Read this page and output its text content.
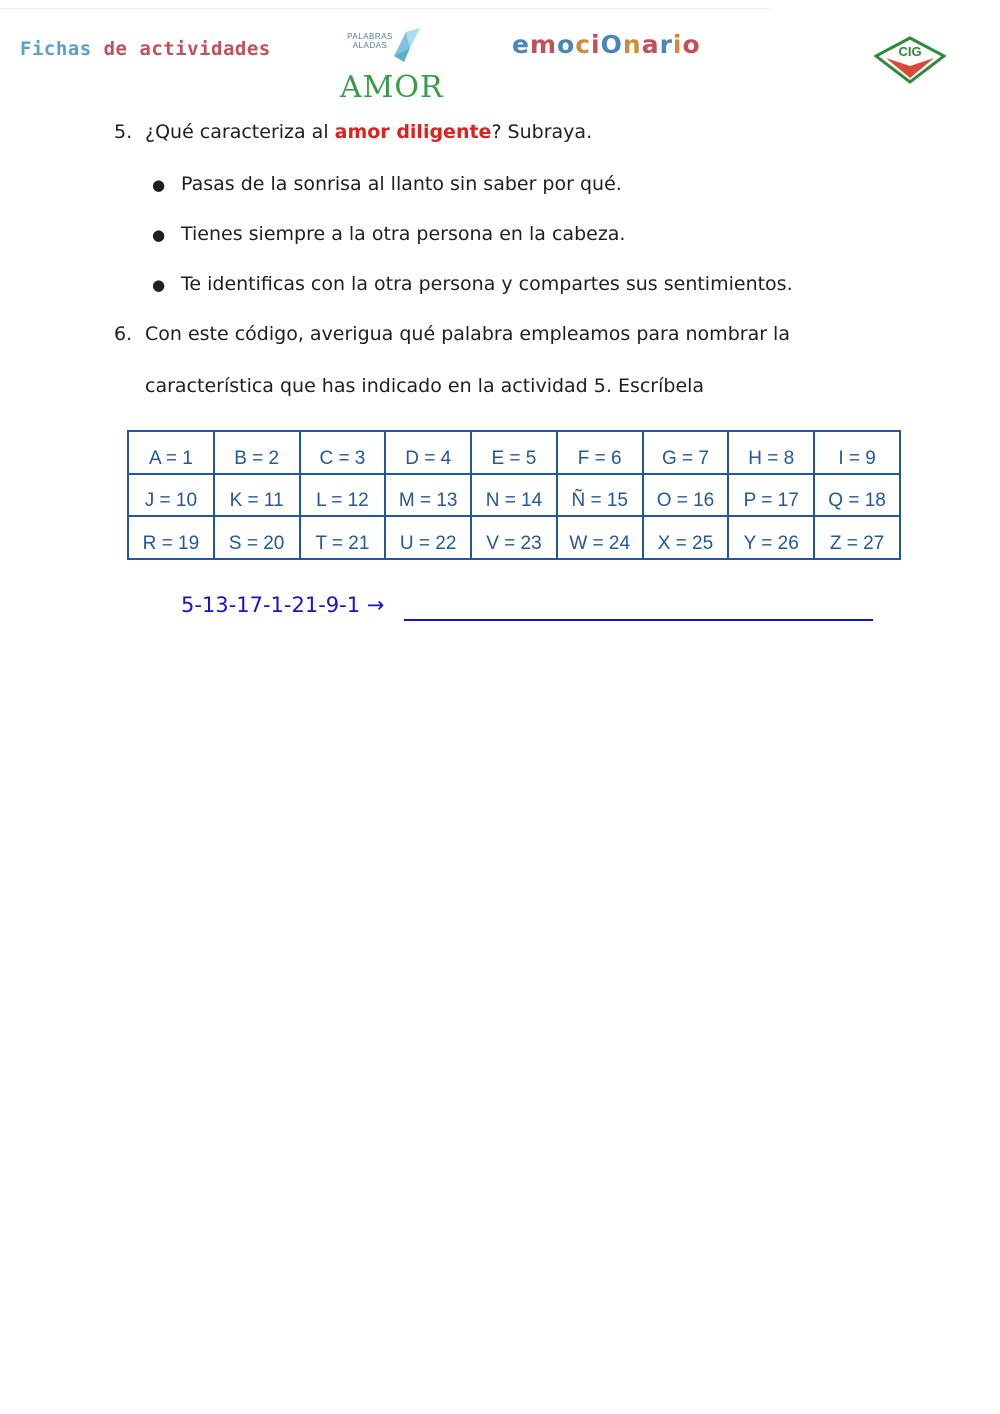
Fichas de actividades
PALABRAS
ALADAS
AMOR
emociOnario	CIG
5. ¿Qué caracteriza al amor diligente? Subraya.
● Pasas de la sonrisa al llanto sin saber por qué.
● Tienes siempre a la otra persona en la cabeza.
● Te identificas con la otra persona y compartes sus sentimientos.
6. Con este código, averigua qué palabra empleamos para nombrar la
característica que has indicado en la actividad 5. Escríbela
A = 1	B = 2	C = 3	D = 4	E = 5	F = 6	G = 7	H = 8	I = 9
J = 10	K = 11	L = 12	M = 13	N = 14	Ñ = 15	O = 16	P = 17	Q = 18
R = 19	S = 20	T = 21	U = 22	V = 23	W = 24	X = 25	Y = 26	Z = 27
5-13-17-1-21-9-1 →
